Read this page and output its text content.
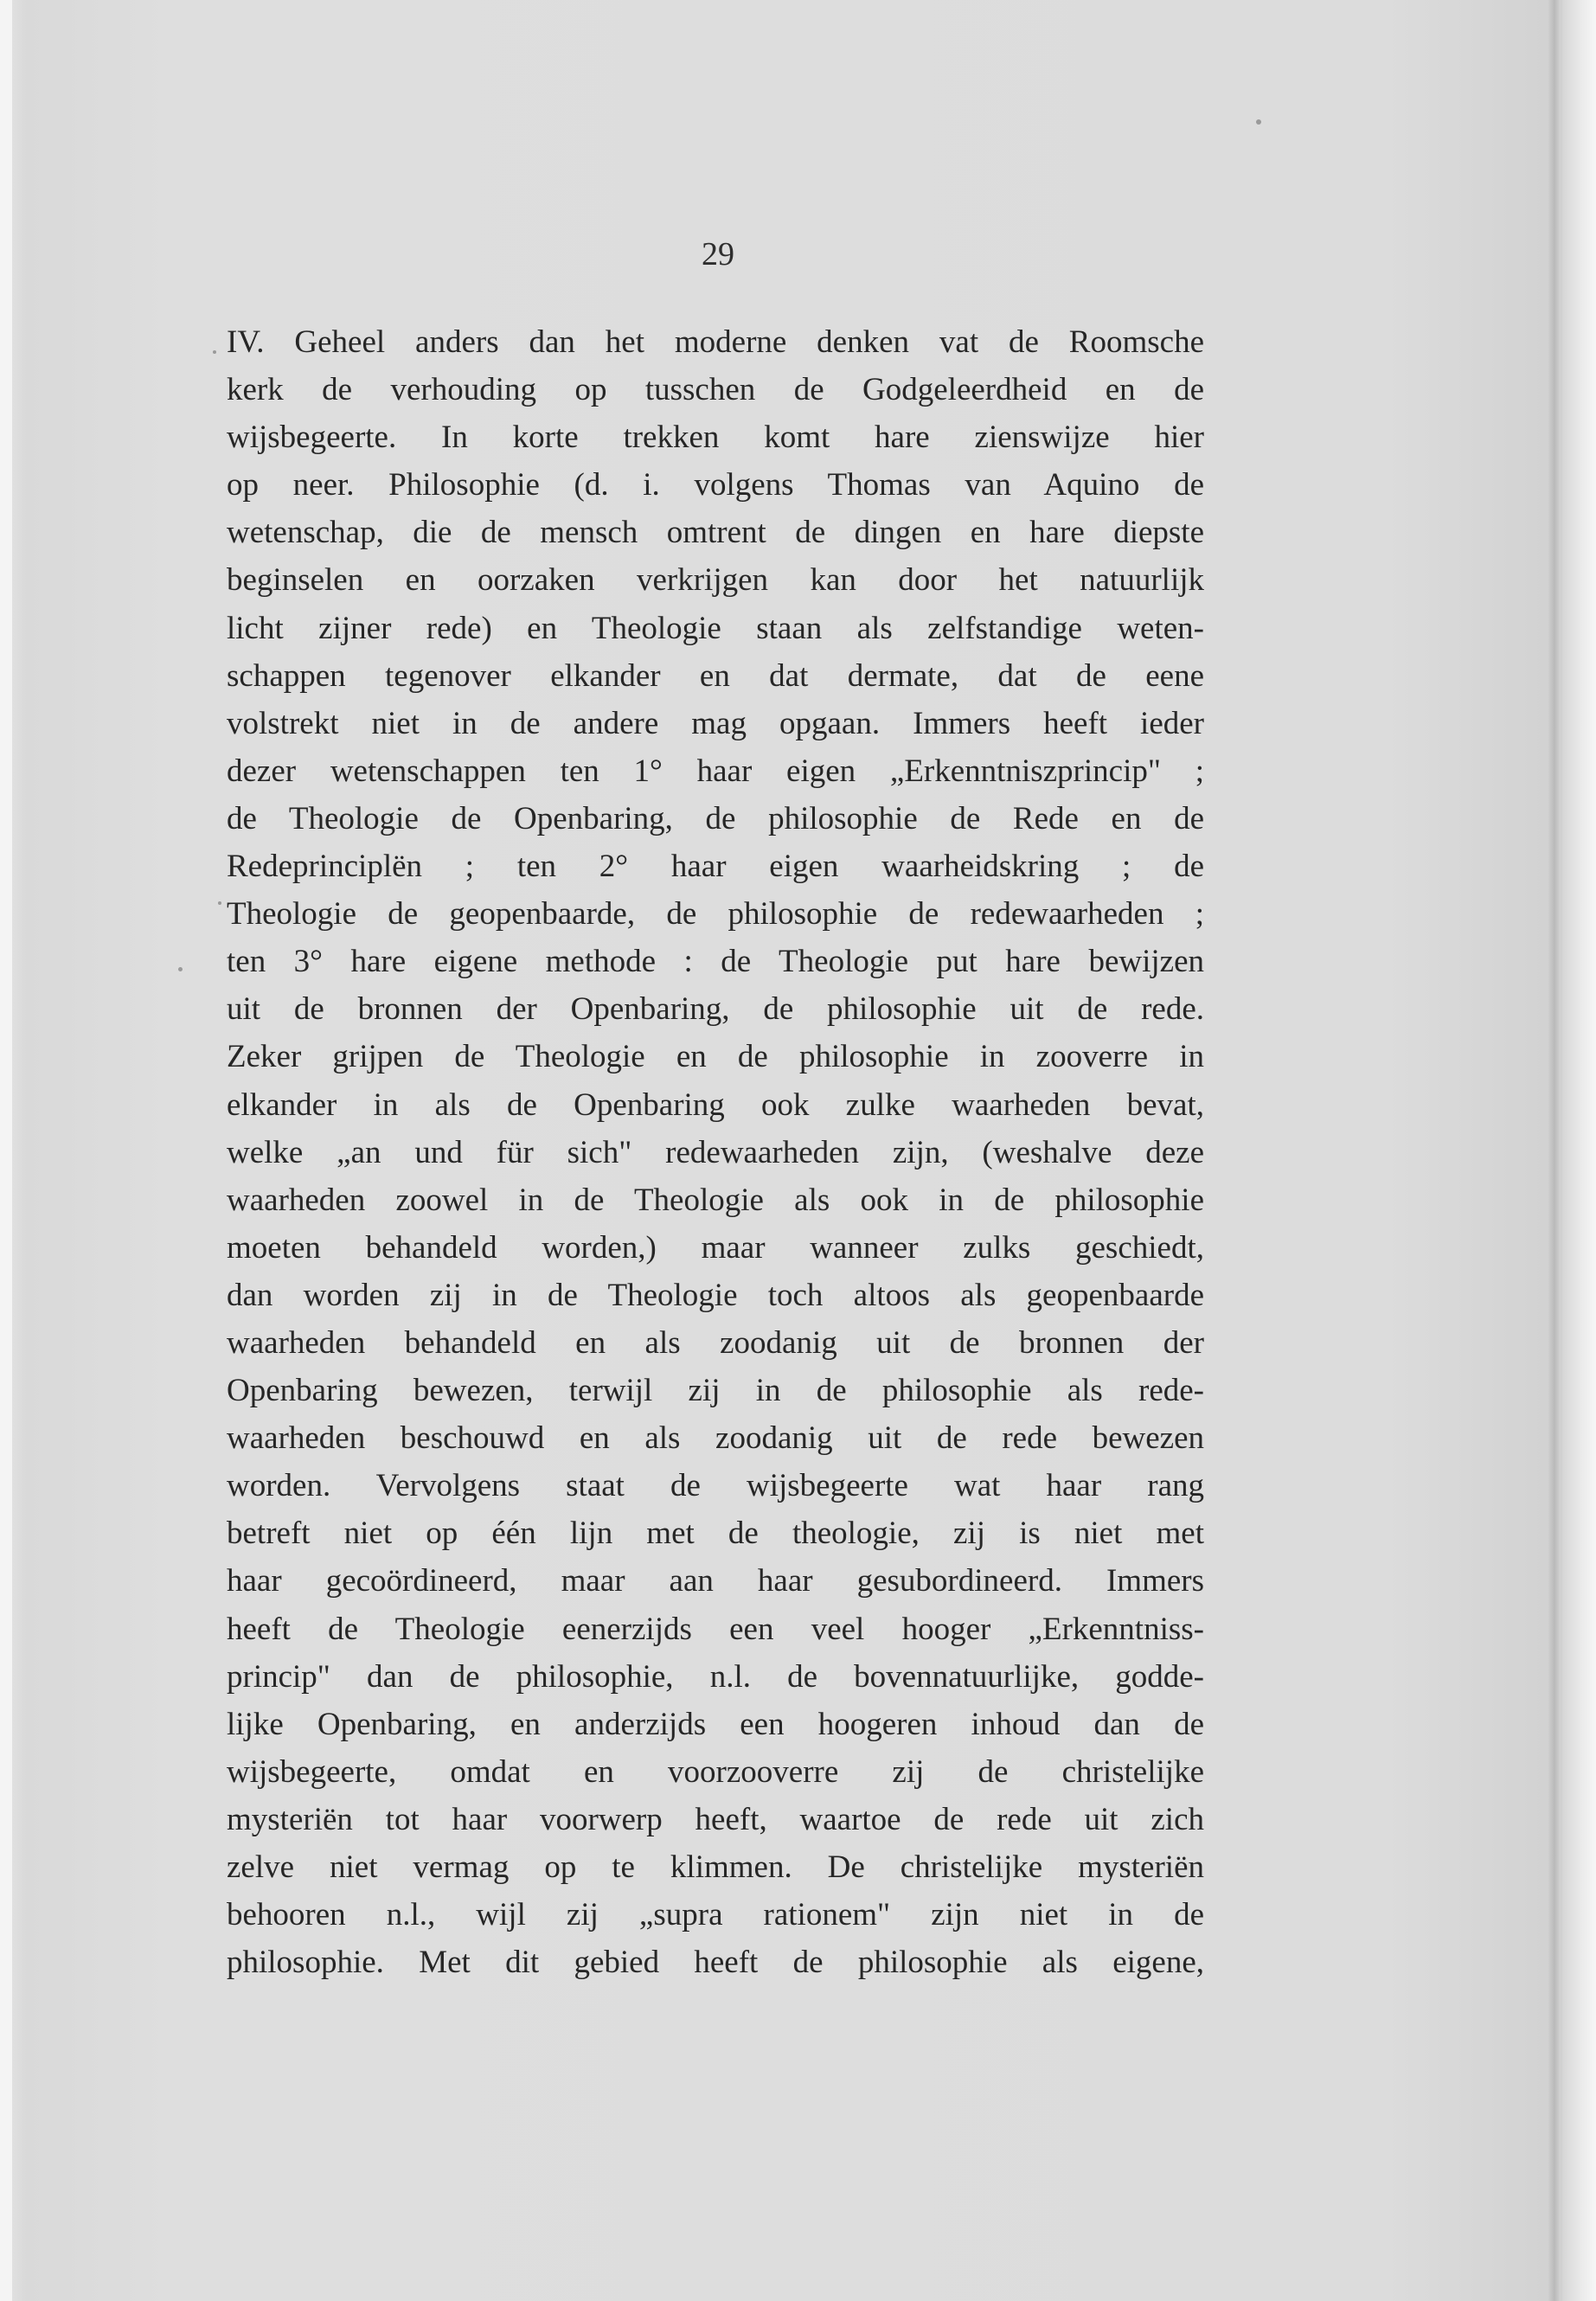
29
IV. Geheel anders dan het moderne denken vat de Roomsche
kerk de verhouding op tusschen de Godgeleerdheid en de
wijsbegeerte. In korte trekken komt hare zienswijze hier
op neer. Philosophie (d. i. volgens Thomas van Aquino de
wetenschap, die de mensch omtrent de dingen en hare diepste
beginselen en oorzaken verkrijgen kan door het natuurlijk
licht zijner rede) en Theologie staan als zelfstandige weten-
schappen tegenover elkander en dat dermate, dat de eene
volstrekt niet in de andere mag opgaan. Immers heeft ieder
dezer wetenschappen ten 1° haar eigen „Erkenntniszprincip" ;
de Theologie de Openbaring, de philosophie de Rede en de
Redeprinciplën ; ten 2° haar eigen waarheidskring ; de
Theologie de geopenbaarde, de philosophie de redewaarheden ;
ten 3° hare eigene methode : de Theologie put hare bewijzen
uit de bronnen der Openbaring, de philosophie uit de rede.
Zeker grijpen de Theologie en de philosophie in zooverre in
elkander in als de Openbaring ook zulke waarheden bevat,
welke „an und für sich" redewaarheden zijn, (weshalve deze
waarheden zoowel in de Theologie als ook in de philosophie
moeten behandeld worden,) maar wanneer zulks geschiedt,
dan worden zij in de Theologie toch altoos als geopenbaarde
waarheden behandeld en als zoodanig uit de bronnen der
Openbaring bewezen, terwijl zij in de philosophie als rede-
waarheden beschouwd en als zoodanig uit de rede bewezen
worden. Vervolgens staat de wijsbegeerte wat haar rang
betreft niet op één lijn met de theologie, zij is niet met
haar gecoördineerd, maar aan haar gesubordineerd. Immers
heeft de Theologie eenerzijds een veel hooger „Erkenntniss-
princip" dan de philosophie, n.l. de bovennatuurlijke, godde-
lijke Openbaring, en anderzijds een hoogeren inhoud dan de
wijsbegeerte, omdat en voorzooverre zij de christelijke
mysteriën tot haar voorwerp heeft, waartoe de rede uit zich
zelve niet vermag op te klimmen. De christelijke mysteriën
behooren n.l., wijl zij „supra rationem" zijn niet in de
philosophie. Met dit gebied heeft de philosophie als eigene,
